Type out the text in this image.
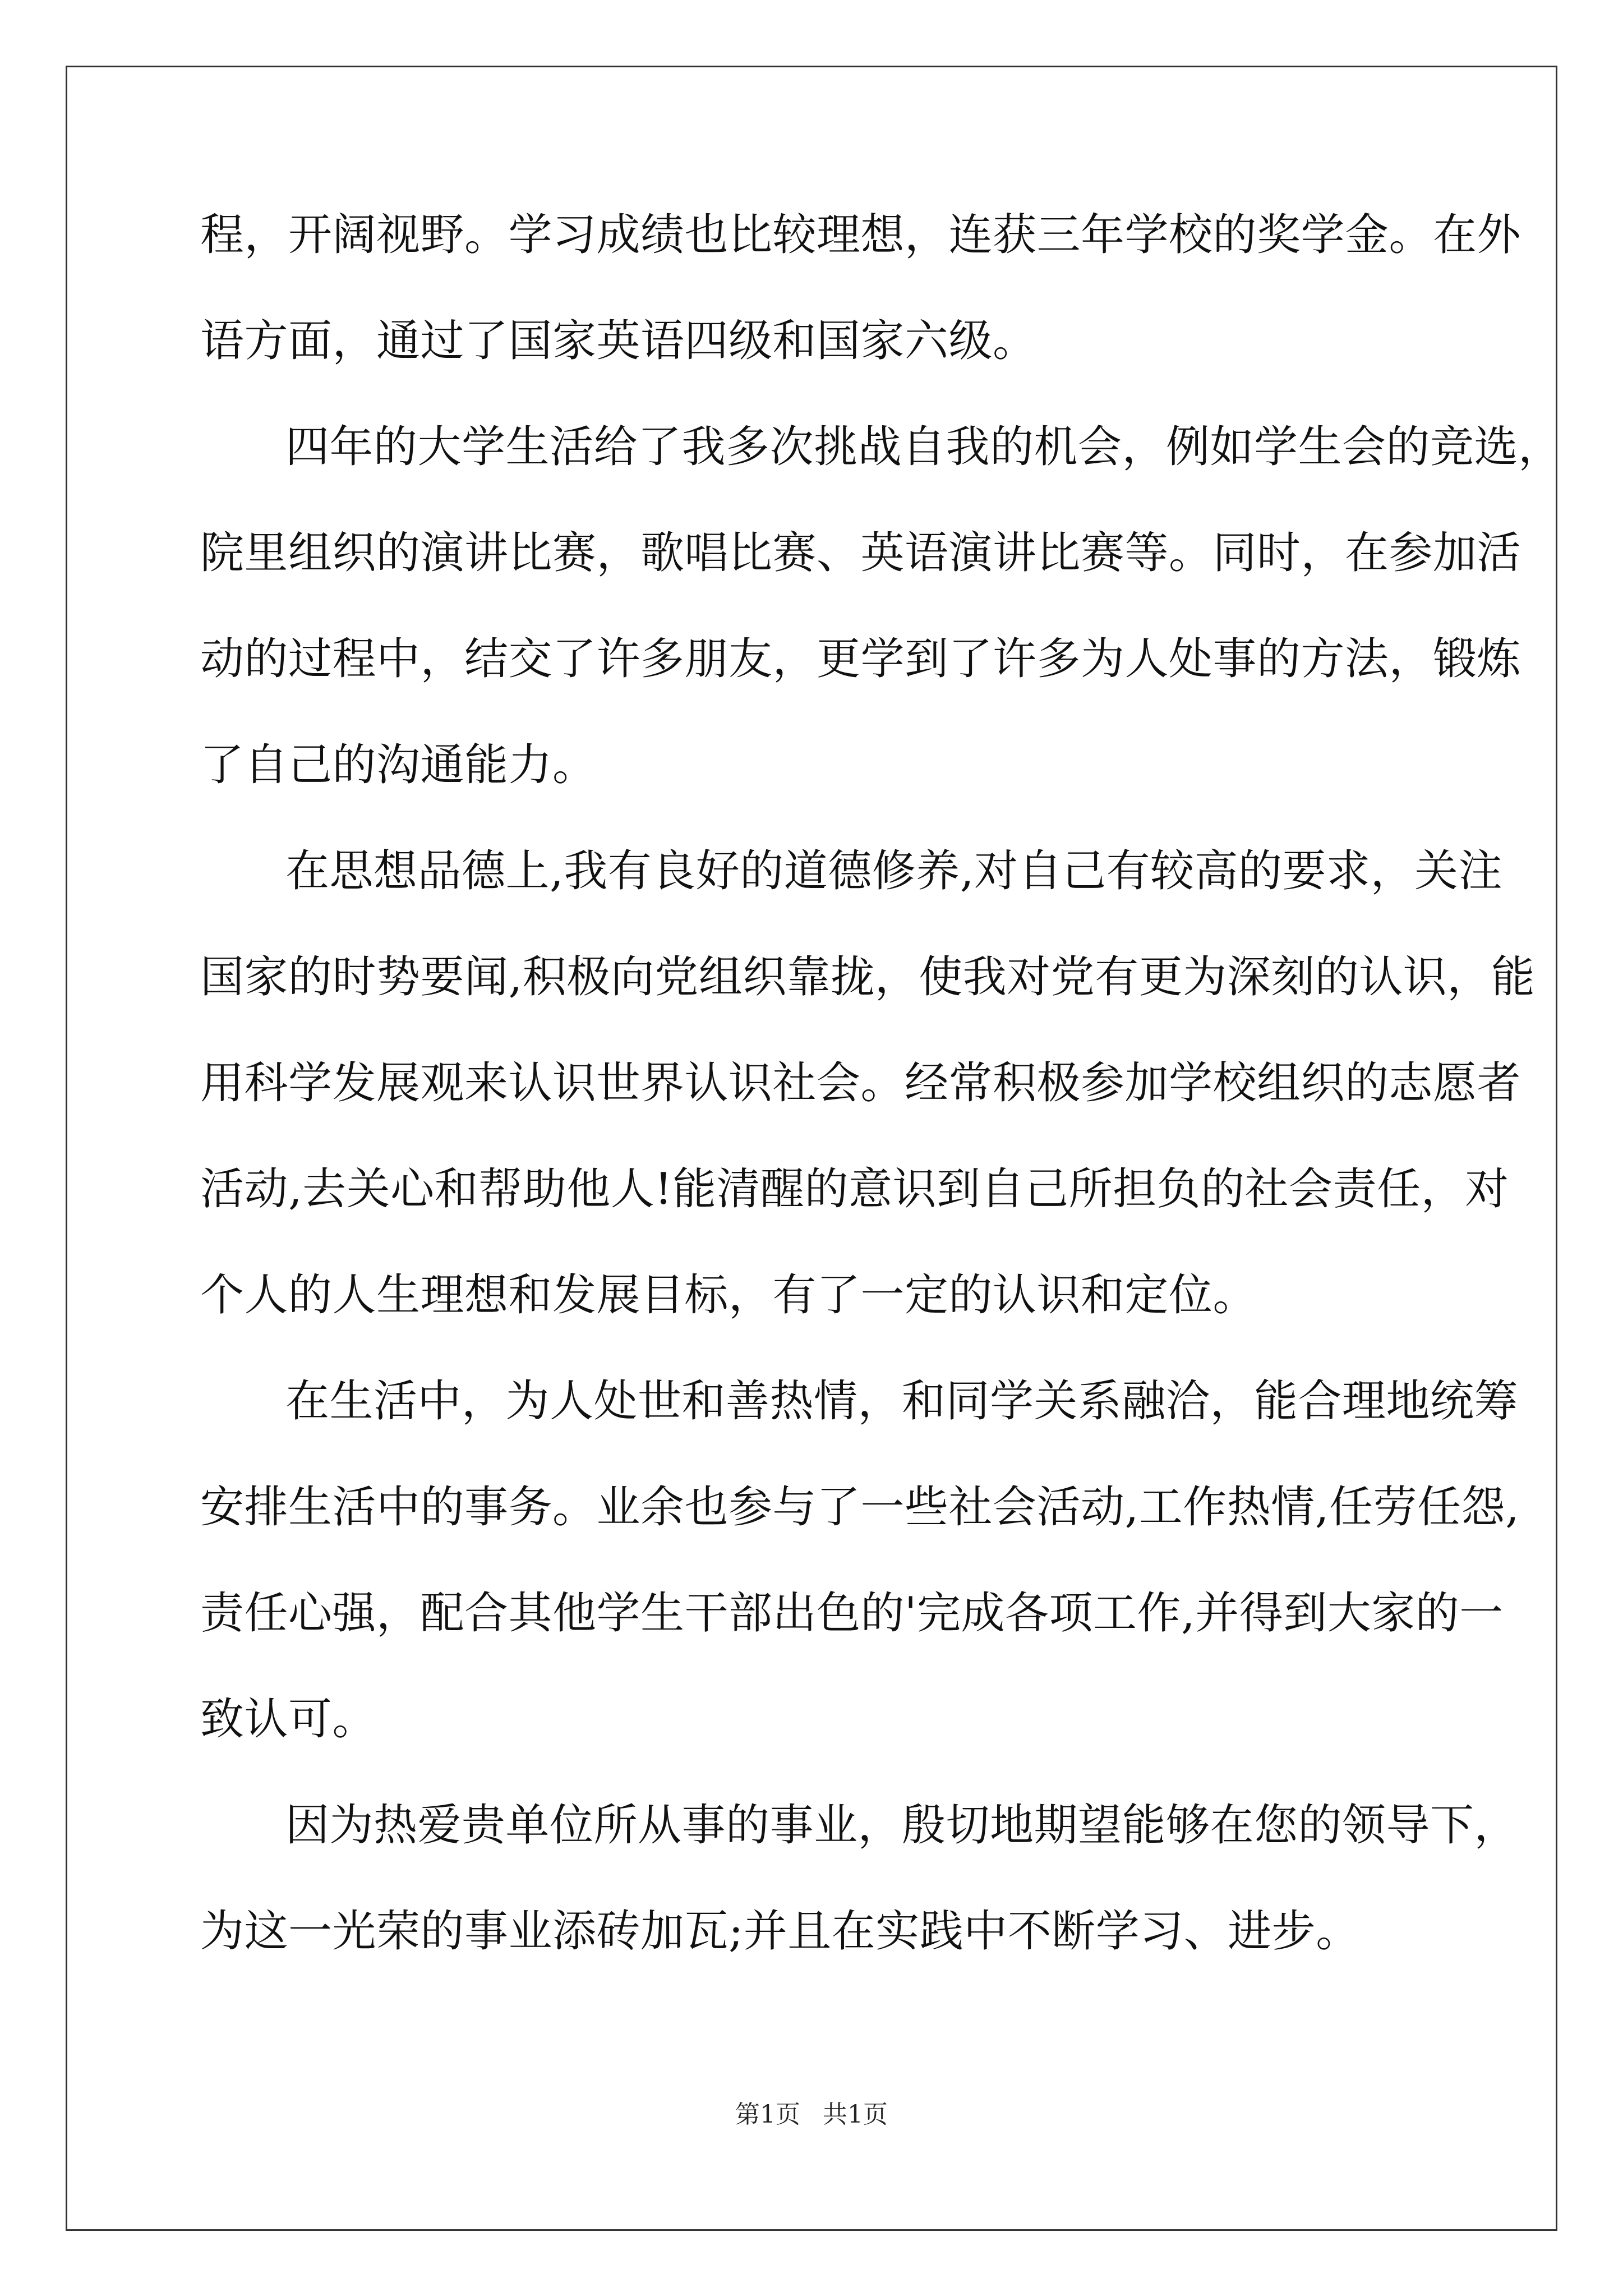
程，开阔视野。学习成绩也比较理想，连获三年学校的奖学金。在外
语方面，通过了国家英语四级和国家六级。
四年的大学生活给了我多次挑战自我的机会，例如学生会的竞选，
院里组织的演讲比赛，歌唱比赛、英语演讲比赛等。同时，在参加活
动的过程中，结交了许多朋友，更学到了许多为人处事的方法，锻炼
了自己的沟通能力。
在思想品德上,我有良好的道德修养,对自己有较高的要求，关注
国家的时势要闻,积极向党组织靠拢，使我对党有更为深刻的认识，能
用科学发展观来认识世界认识社会。经常积极参加学校组织的志愿者
活动,去关心和帮助他人!能清醒的意识到自己所担负的社会责任，对
个人的人生理想和发展目标，有了一定的认识和定位。
在生活中，为人处世和善热情，和同学关系融洽，能合理地统筹
安排生活中的事务。业余也参与了一些社会活动,工作热情,任劳任怨,
责任心强，配合其他学生干部出色的'完成各项工作,并得到大家的一
致认可。
因为热爱贵单位所从事的事业，殷切地期望能够在您的领导下，
为这一光荣的事业添砖加瓦;并且在实践中不断学习、进步。
第1页 共1页
